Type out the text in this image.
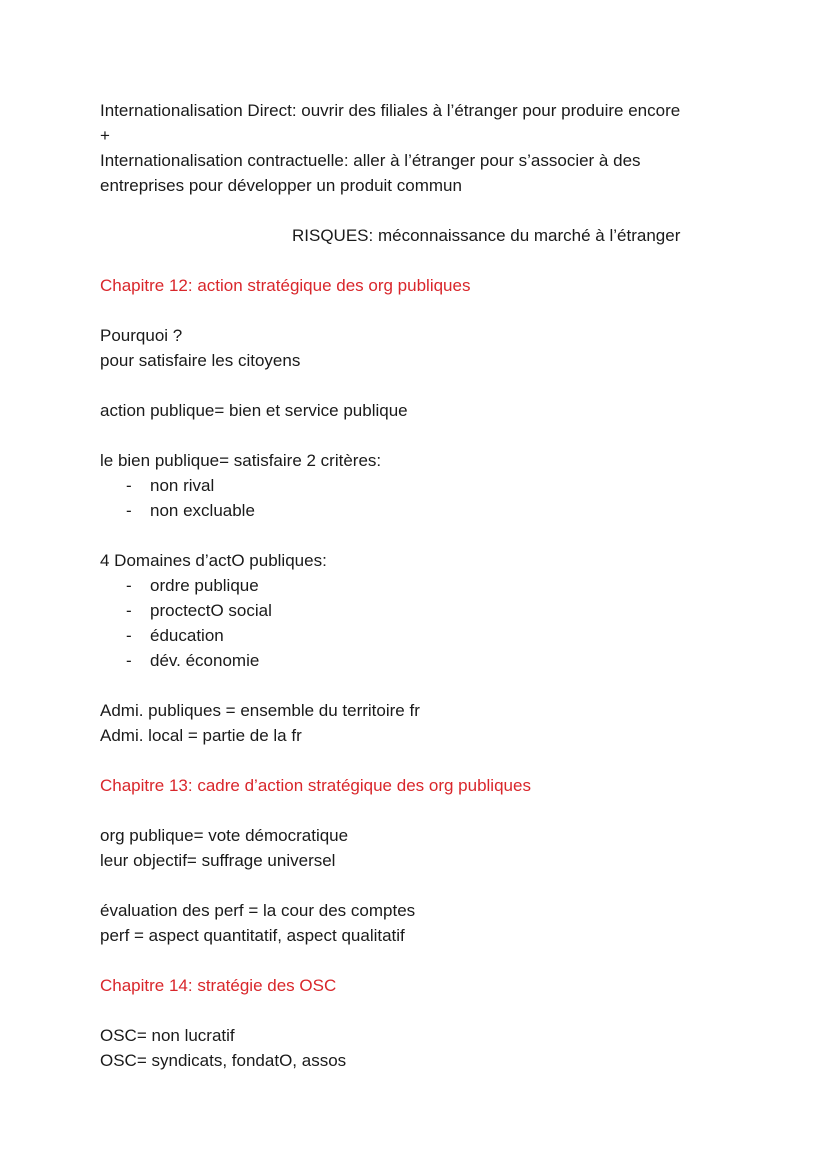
Internationalisation Direct: ouvrir des filiales à l’étranger pour produire encore
+
Internationalisation contractuelle: aller à l’étranger pour s’associer à des
entreprises pour développer un produit commun
RISQUES: méconnaissance du marché à l’étranger
Chapitre 12: action stratégique des org publiques
Pourquoi ?
pour satisfaire les citoyens
action publique= bien et service publique
le bien publique= satisfaire 2 critères:
- non rival
- non excluable
4 Domaines d’actO publiques:
- ordre publique
- proctectO social
- éducation
- dév. économie
Admi. publiques = ensemble du territoire fr
Admi. local = partie de la fr
Chapitre 13: cadre d’action stratégique des org publiques
org publique= vote démocratique
leur objectif= suffrage universel
évaluation des perf = la cour des comptes
perf = aspect quantitatif, aspect qualitatif
Chapitre 14: stratégie des OSC
OSC= non lucratif
OSC= syndicats, fondatO, assos
